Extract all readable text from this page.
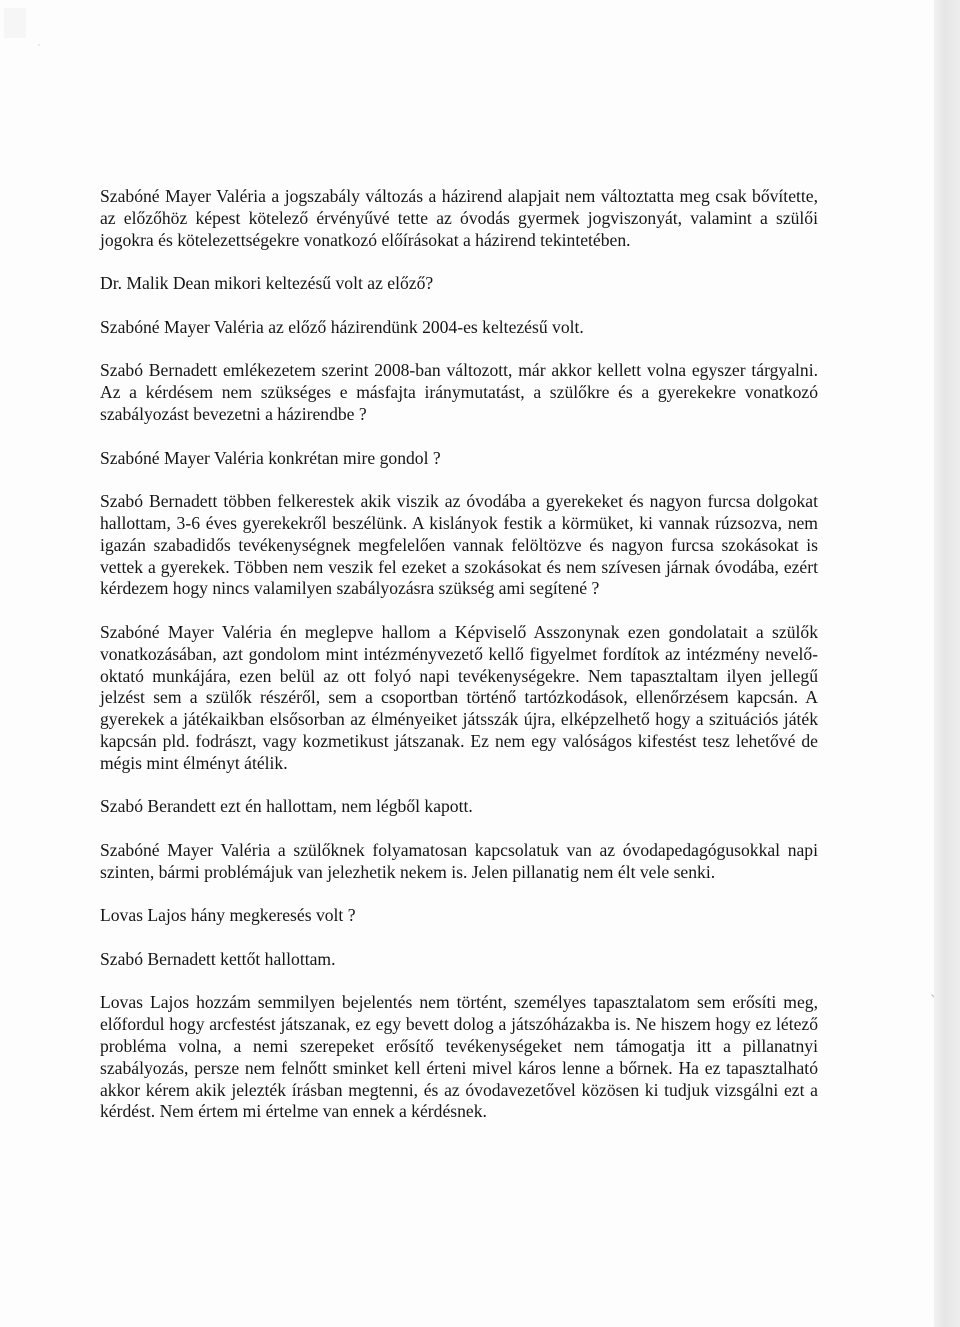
Szabóné Mayer Valéria a jogszabály változás a házirend alapjait nem változtatta meg csak bővítette, az előzőhöz képest kötelező érvényűvé tette az óvodás gyermek jogviszonyát, valamint a szülői jogokra és kötelezettségekre vonatkozó előírásokat a házirend tekintetében.

Dr. Malik Dean mikori keltezésű volt az előző?

Szabóné Mayer Valéria az előző házirendünk 2004-es keltezésű volt.

Szabó Bernadett emlékezetem szerint 2008-ban változott, már akkor kellett volna egyszer tárgyalni. Az a kérdésem nem szükséges e másfajta iránymutatást, a szülőkre és a gyerekekre vonatkozó szabályozást bevezetni a házirendbe ?

Szabóné Mayer Valéria konkrétan mire gondol ?

Szabó Bernadett többen felkerestek akik viszik az óvodába a gyerekeket és nagyon furcsa dolgokat hallottam, 3-6 éves gyerekekről beszélünk. A kislányok festik a körmüket, ki vannak rúzsozva, nem igazán szabadidős tevékenységnek megfelelően vannak felöltözve és nagyon furcsa szokásokat is vettek a gyerekek. Többen nem veszik fel ezeket a szokásokat és nem szívesen járnak óvodába, ezért kérdezem hogy nincs valamilyen szabályozásra szükség ami segítené ?

Szabóné Mayer Valéria én meglepve hallom a Képviselő Asszonynak ezen gondolatait a szülők vonatkozásában, azt gondolom mint intézményvezető kellő figyelmet fordítok az intézmény nevelő-oktató munkájára, ezen belül az ott folyó napi tevékenységekre. Nem tapasztaltam ilyen jellegű jelzést sem a szülők részéről, sem a csoportban történő tartózkodások, ellenőrzésem kapcsán. A gyerekek a játékaikban elsősorban az élményeiket játsszák újra, elképzelhető hogy a szituációs játék kapcsán pld. fodrászt, vagy kozmetikust játszanak. Ez nem egy valóságos kifestést tesz lehetővé de mégis mint élményt átélik.

Szabó Berandett ezt én hallottam, nem légből kapott.

Szabóné Mayer Valéria a szülőknek folyamatosan kapcsolatuk van az óvodapedagógusokkal napi szinten, bármi problémájuk van jelezhetik nekem is. Jelen pillanatig nem élt vele senki.

Lovas Lajos hány megkeresés volt ?

Szabó Bernadett kettőt hallottam.

Lovas Lajos hozzám semmilyen bejelentés nem történt, személyes tapasztalatom sem erősíti meg, előfordul hogy arcfestést játszanak, ez egy bevett dolog a játszóházakba is. Ne hiszem hogy ez létező probléma volna, a nemi szerepeket erősítő tevékenységeket nem támogatja itt a pillanatnyi szabályozás, persze nem felnőtt sminket kell érteni mivel káros lenne a bőrnek. Ha ez tapasztalható akkor kérem akik jelezték írásban megtenni, és az óvodavezetővel közösen ki tudjuk vizsgálni ezt a kérdést. Nem értem mi értelme van ennek a kérdésnek.
